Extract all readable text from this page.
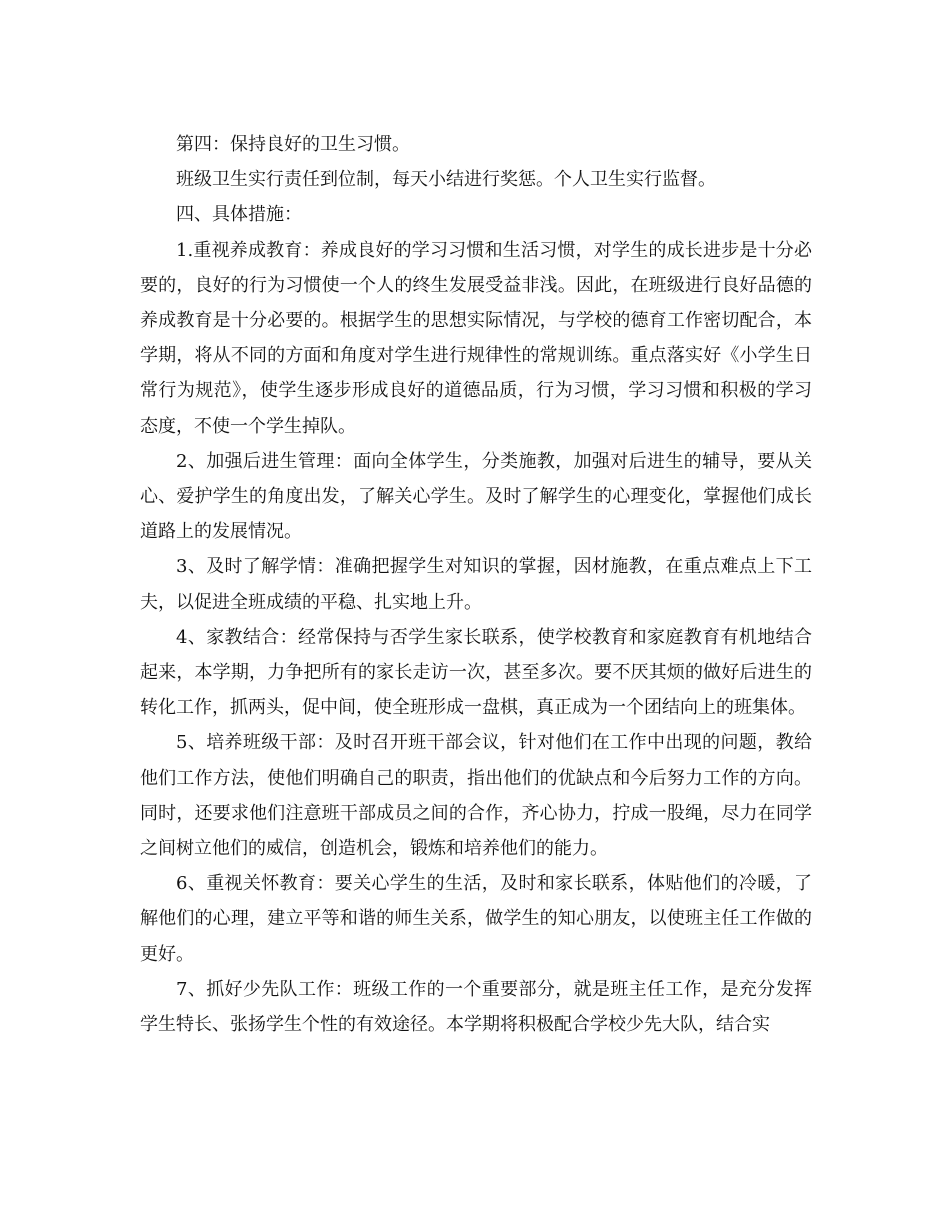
第四：保持良好的卫生习惯。

班级卫生实行责任到位制，每天小结进行奖惩。个人卫生实行监督。

四、具体措施：

1.重视养成教育：养成良好的学习习惯和生活习惯，对学生的成长进步是十分必要的，良好的行为习惯使一个人的终生发展受益非浅。因此，在班级进行良好品德的养成教育是十分必要的。根据学生的思想实际情况，与学校的德育工作密切配合，本学期，将从不同的方面和角度对学生进行规律性的常规训练。重点落实好《小学生日常行为规范》，使学生逐步形成良好的道德品质，行为习惯，学习习惯和积极的学习态度，不使一个学生掉队。

2、加强后进生管理：面向全体学生，分类施教，加强对后进生的辅导，要从关心、爱护学生的角度出发，了解关心学生。及时了解学生的心理变化，掌握他们成长道路上的发展情况。

3、及时了解学情：准确把握学生对知识的掌握，因材施教，在重点难点上下工夫，以促进全班成绩的平稳、扎实地上升。

4、家教结合：经常保持与否学生家长联系，使学校教育和家庭教育有机地结合起来，本学期，力争把所有的家长走访一次，甚至多次。要不厌其烦的做好后进生的转化工作，抓两头，促中间，使全班形成一盘棋，真正成为一个团结向上的班集体。

5、培养班级干部：及时召开班干部会议，针对他们在工作中出现的问题，教给他们工作方法，使他们明确自己的职责，指出他们的优缺点和今后努力工作的方向。同时，还要求他们注意班干部成员之间的合作，齐心协力，拧成一股绳，尽力在同学之间树立他们的威信，创造机会，锻炼和培养他们的能力。

6、重视关怀教育：要关心学生的生活，及时和家长联系，体贴他们的冷暖，了解他们的心理，建立平等和谐的师生关系，做学生的知心朋友，以使班主任工作做的更好。

7、抓好少先队工作：班级工作的一个重要部分，就是班主任工作，是充分发挥学生特长、张扬学生个性的有效途径。本学期将积极配合学校少先大队，结合实
